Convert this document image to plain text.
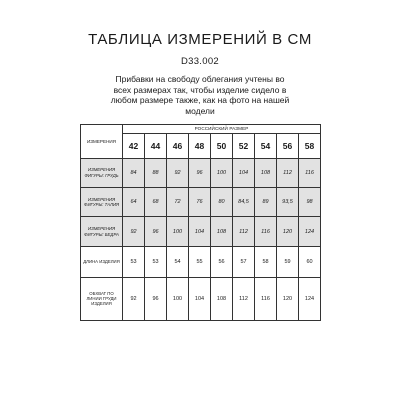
ТАБЛИЦА ИЗМЕРЕНИЙ В СМ
D33.002
Прибавки на свободу облегания учтены во всех размерах так, чтобы изделие сидело в любом размере также, как на фото на нашей модели
ИЗМЕРЕНИЯ	РОССИЙСКИЙ РАЗМЕР								
	42	44	46	48	50	52	54	56	58
ИЗМЕРЕНИЯ ФИГУРЫ: ГРУДЬ	84	88	92	96	100	104	108	112	116
ИЗМЕРЕНИЯ ФИГУРЫ: ТАЛИЯ	64	68	72	76	80	84,5	89	93,5	98
ИЗМЕРЕНИЯ ФИГУРЫ: БЕДРА	92	96	100	104	108	112	116	120	124
ДЛИНА ИЗДЕЛИЯ	53	53	54	55	56	57	58	59	60
ОБХВАТ ПО ЛИНИИ ГРУДИ ИЗДЕЛИЯ	92	96	100	104	108	112	116	120	124
